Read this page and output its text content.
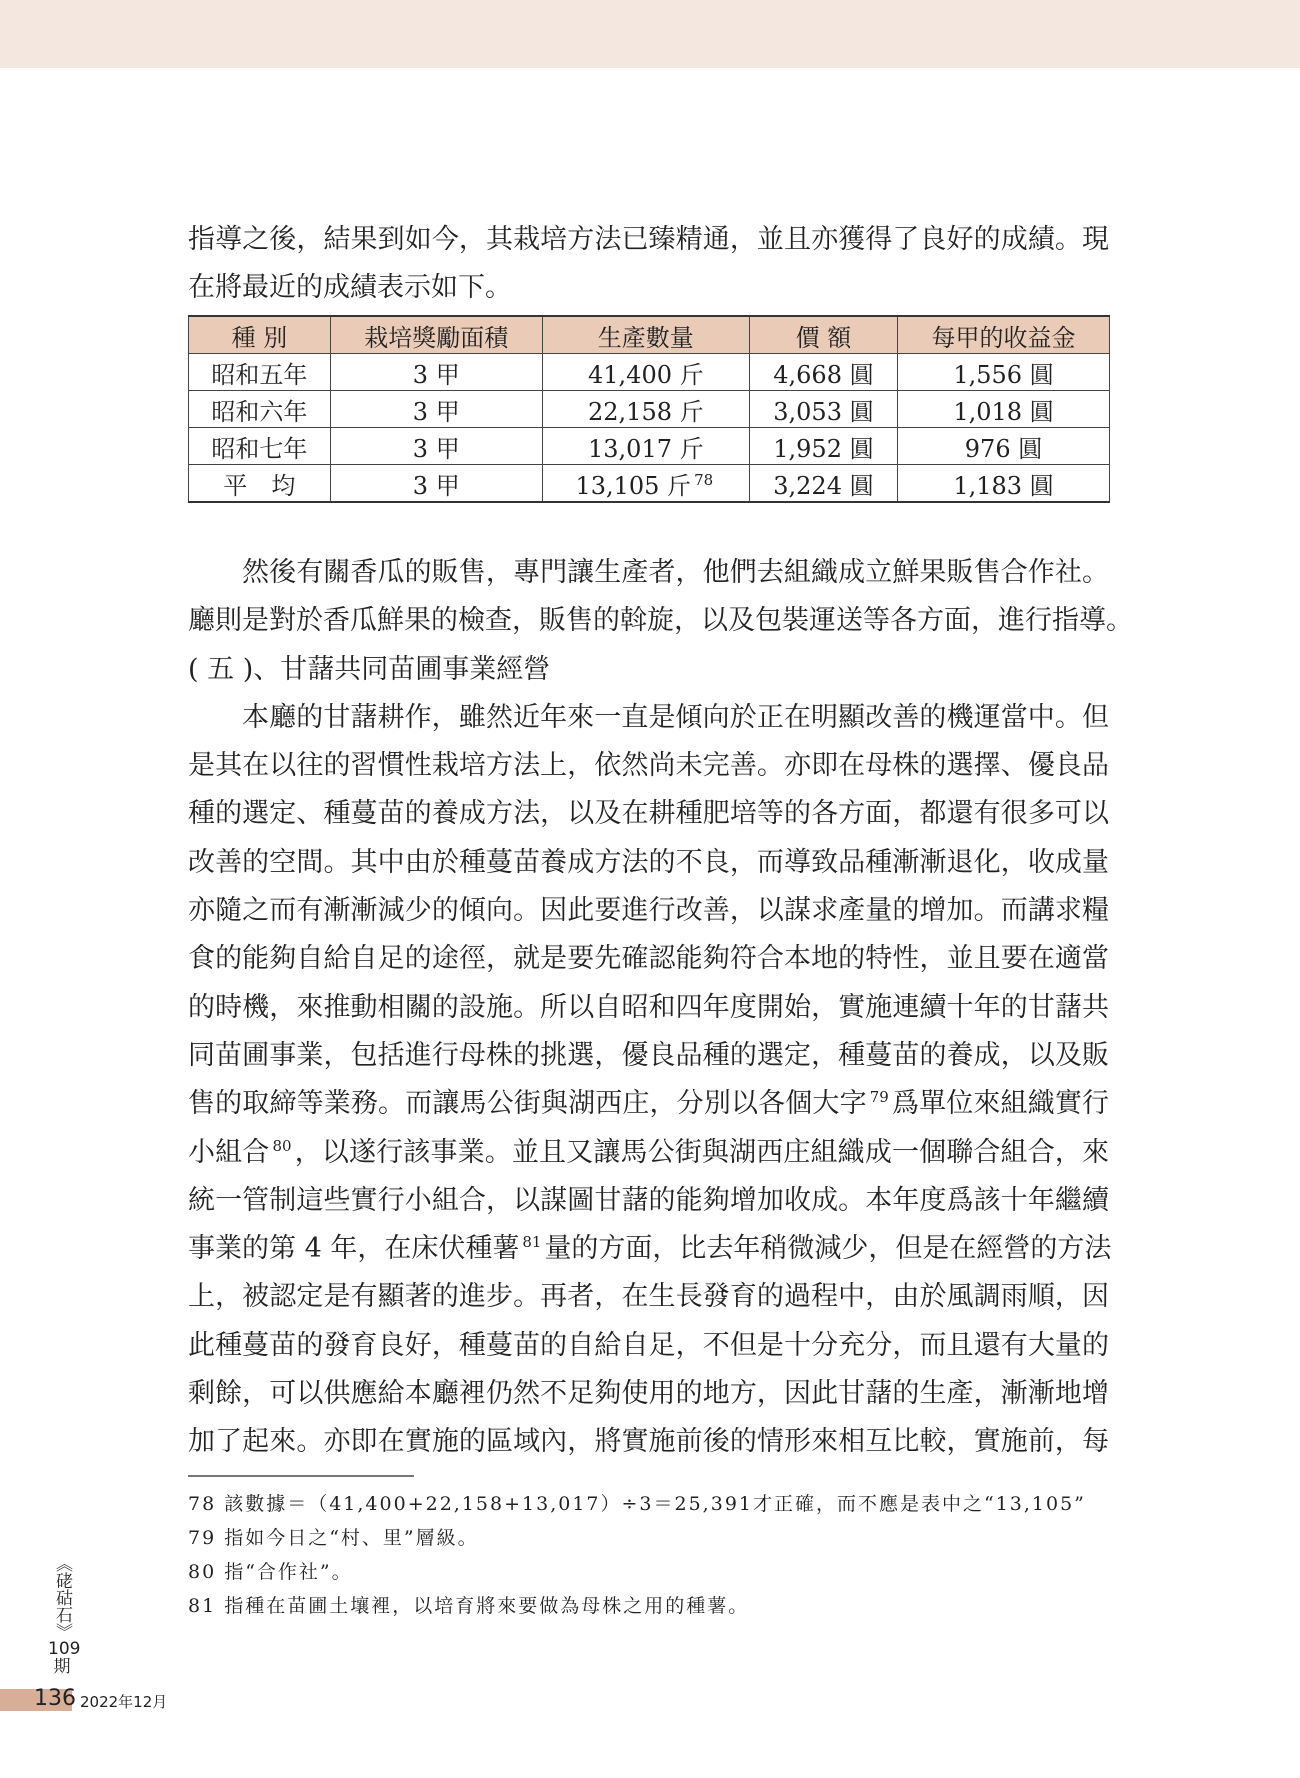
指導之後，結果到如今，其栽培方法已臻精通，並且亦獲得了良好的成績。現
在將最近的成績表示如下。
種 別	栽培獎勵面積	生產數量	價 額	每甲的收益金
昭和五年	3 甲	41,400 斤	4,668 圓	1,556 圓
昭和六年	3 甲	22,158 斤	3,053 圓	1,018 圓
昭和七年	3 甲	13,017 斤	1,952 圓	976 圓
平　均	3 甲	13,105 斤 $^{78}$	3,224 圓	1,183 圓
然後有關香瓜的販售，專門讓生產者，他們去組織成立鮮果販售合作社。
廳則是對於香瓜鮮果的檢查，販售的斡旋，以及包裝運送等各方面，進行指導。
( 五 )、甘藷共同苗圃事業經營
本廳的甘藷耕作，雖然近年來一直是傾向於正在明顯改善的機運當中。但
是其在以往的習慣性栽培方法上，依然尚未完善。亦即在母株的選擇、優良品
種的選定、種蔓苗的養成方法，以及在耕種肥培等的各方面，都還有很多可以
改善的空間。其中由於種蔓苗養成方法的不良，而導致品種漸漸退化，收成量
亦隨之而有漸漸減少的傾向。因此要進行改善，以謀求產量的增加。而講求糧
食的能夠自給自足的途徑，就是要先確認能夠符合本地的特性，並且要在適當
的時機，來推動相關的設施。所以自昭和四年度開始，實施連續十年的甘藷共
同苗圃事業，包括進行母株的挑選，優良品種的選定，種蔓苗的養成，以及販
售的取締等業務。而讓馬公街與湖西庄，分別以各個大字 $^{79}$ 爲單位來組織實行
小組合 $^{80}$ ，以遂行該事業。並且又讓馬公街與湖西庄組織成一個聯合組合，來
統一管制這些實行小組合，以謀圖甘藷的能夠增加收成。本年度爲該十年繼續
事業的第 4 年，在床伏種薯 $^{81}$ 量的方面，比去年稍微減少，但是在經營的方法
上，被認定是有顯著的進步。再者，在生長發育的過程中，由於風調雨順，因
此種蔓苗的發育良好，種蔓苗的自給自足，不但是十分充分，而且還有大量的
剩餘，可以供應給本廳裡仍然不足夠使用的地方，因此甘藷的生產，漸漸地增
加了起來。亦即在實施的區域內，將實施前後的情形來相互比較，實施前，每
78 該數據＝（41,400+22,158+13,017）÷3＝25,391才正確，而不應是表中之“13,105”
79 指如今日之“村、里”層級。
80 指“合作社”。
81 指種在苗圃土壤裡，以培育將來要做為母株之用的種薯。
《硓𥑮石》
109
期
136 2022年12月
